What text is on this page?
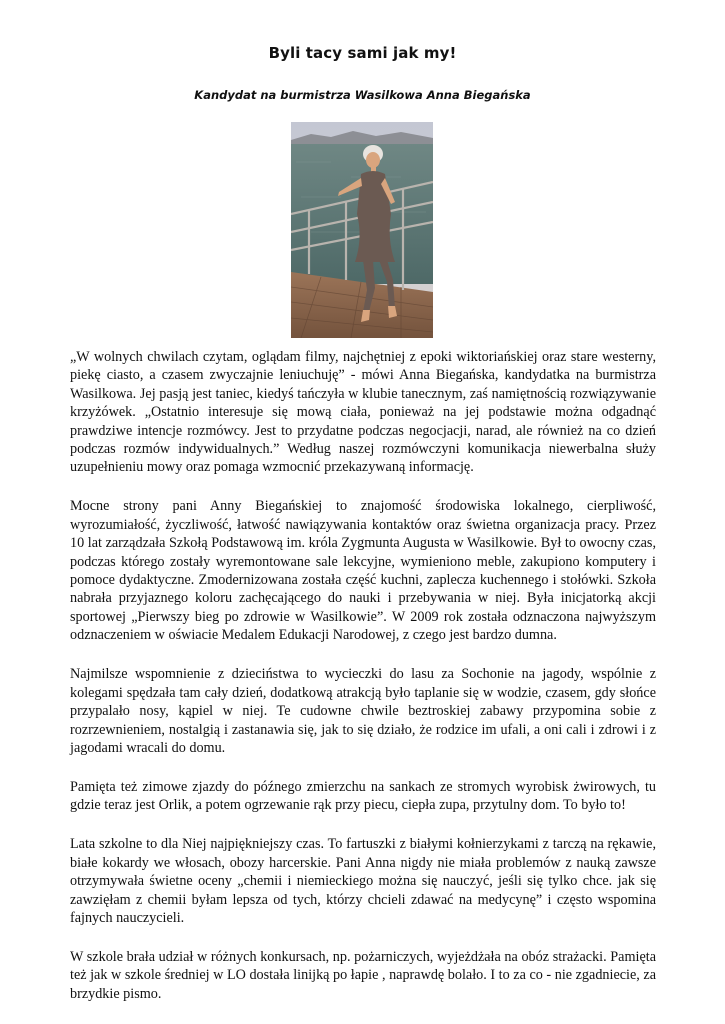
Byli tacy sami jak my!
Kandydat na burmistrza Wasilkowa Anna Biegańska

„W wolnych chwilach czytam, oglądam filmy, najchętniej z epoki wiktoriańskiej oraz stare westerny, piekę ciasto, a czasem zwyczajnie leniuchuję” - mówi Anna Biegańska, kandydatka na burmistrza Wasilkowa. Jej pasją jest taniec, kiedyś tańczyła w klubie tanecznym, zaś namiętnością rozwiązywanie krzyżówek. „Ostatnio interesuje się mową ciała, ponieważ na jej podstawie można odgadnąć prawdziwe intencje rozmówcy. Jest to przydatne podczas negocjacji, narad, ale również na co dzień podczas rozmów indywidualnych.” Według naszej rozmówczyni komunikacja niewerbalna służy uzupełnieniu mowy oraz pomaga wzmocnić przekazywaną informację.

Mocne strony pani Anny Biegańskiej to znajomość środowiska lokalnego, cierpliwość, wyrozumiałość, życzliwość, łatwość nawiązywania kontaktów oraz świetna organizacja pracy. Przez 10 lat zarządzała Szkołą Podstawową im. króla Zygmunta Augusta w Wasilkowie. Był to owocny czas, podczas którego zostały wyremontowane sale lekcyjne, wymieniono meble, zakupiono komputery i pomoce dydaktyczne. Zmodernizowana została część kuchni, zaplecza kuchennego i stołówki. Szkoła nabrała przyjaznego koloru zachęcającego do nauki i przebywania w niej. Była inicjatorką akcji sportowej „Pierwszy bieg po zdrowie w Wasilkowie”. W 2009 rok została odznaczona najwyższym odznaczeniem w oświacie Medalem Edukacji Narodowej, z czego jest bardzo dumna.

Najmilsze wspomnienie z dzieciństwa to wycieczki do lasu za Sochonie na jagody, wspólnie z kolegami spędzała tam cały dzień, dodatkową atrakcją było taplanie się w wodzie, czasem, gdy słońce przypalało nosy, kąpiel w niej. Te cudowne chwile beztroskiej zabawy przypomina sobie z rozrzewnieniem, nostalgią i zastanawia się, jak to się działo, że rodzice im ufali, a oni cali i zdrowi i z jagodami wracali do domu.

Pamięta też zimowe zjazdy do późnego zmierzchu na sankach ze stromych wyrobisk żwirowych, tu gdzie teraz jest Orlik, a potem ogrzewanie rąk przy piecu, ciepła zupa, przytulny dom. To było to!

Lata szkolne to dla Niej najpiękniejszy czas. To fartuszki z białymi kołnierzykami z tarczą na rękawie, białe kokardy we włosach, obozy harcerskie. Pani Anna nigdy nie miała problemów z nauką zawsze otrzymywała świetne oceny „chemii i niemieckiego można się nauczyć, jeśli się tylko chce. jak się zawzięłam z chemii byłam lepsza od tych, którzy chcieli zdawać na medycynę” i często wspomina fajnych nauczycieli.

W szkole brała udział w różnych konkursach, np. pożarniczych, wyjeżdżała na obóz strażacki. Pamięta też jak w szkole średniej w LO dostała linijką po łapie , naprawdę bolało. I to za co - nie zgadniecie, za brzydkie pismo.
